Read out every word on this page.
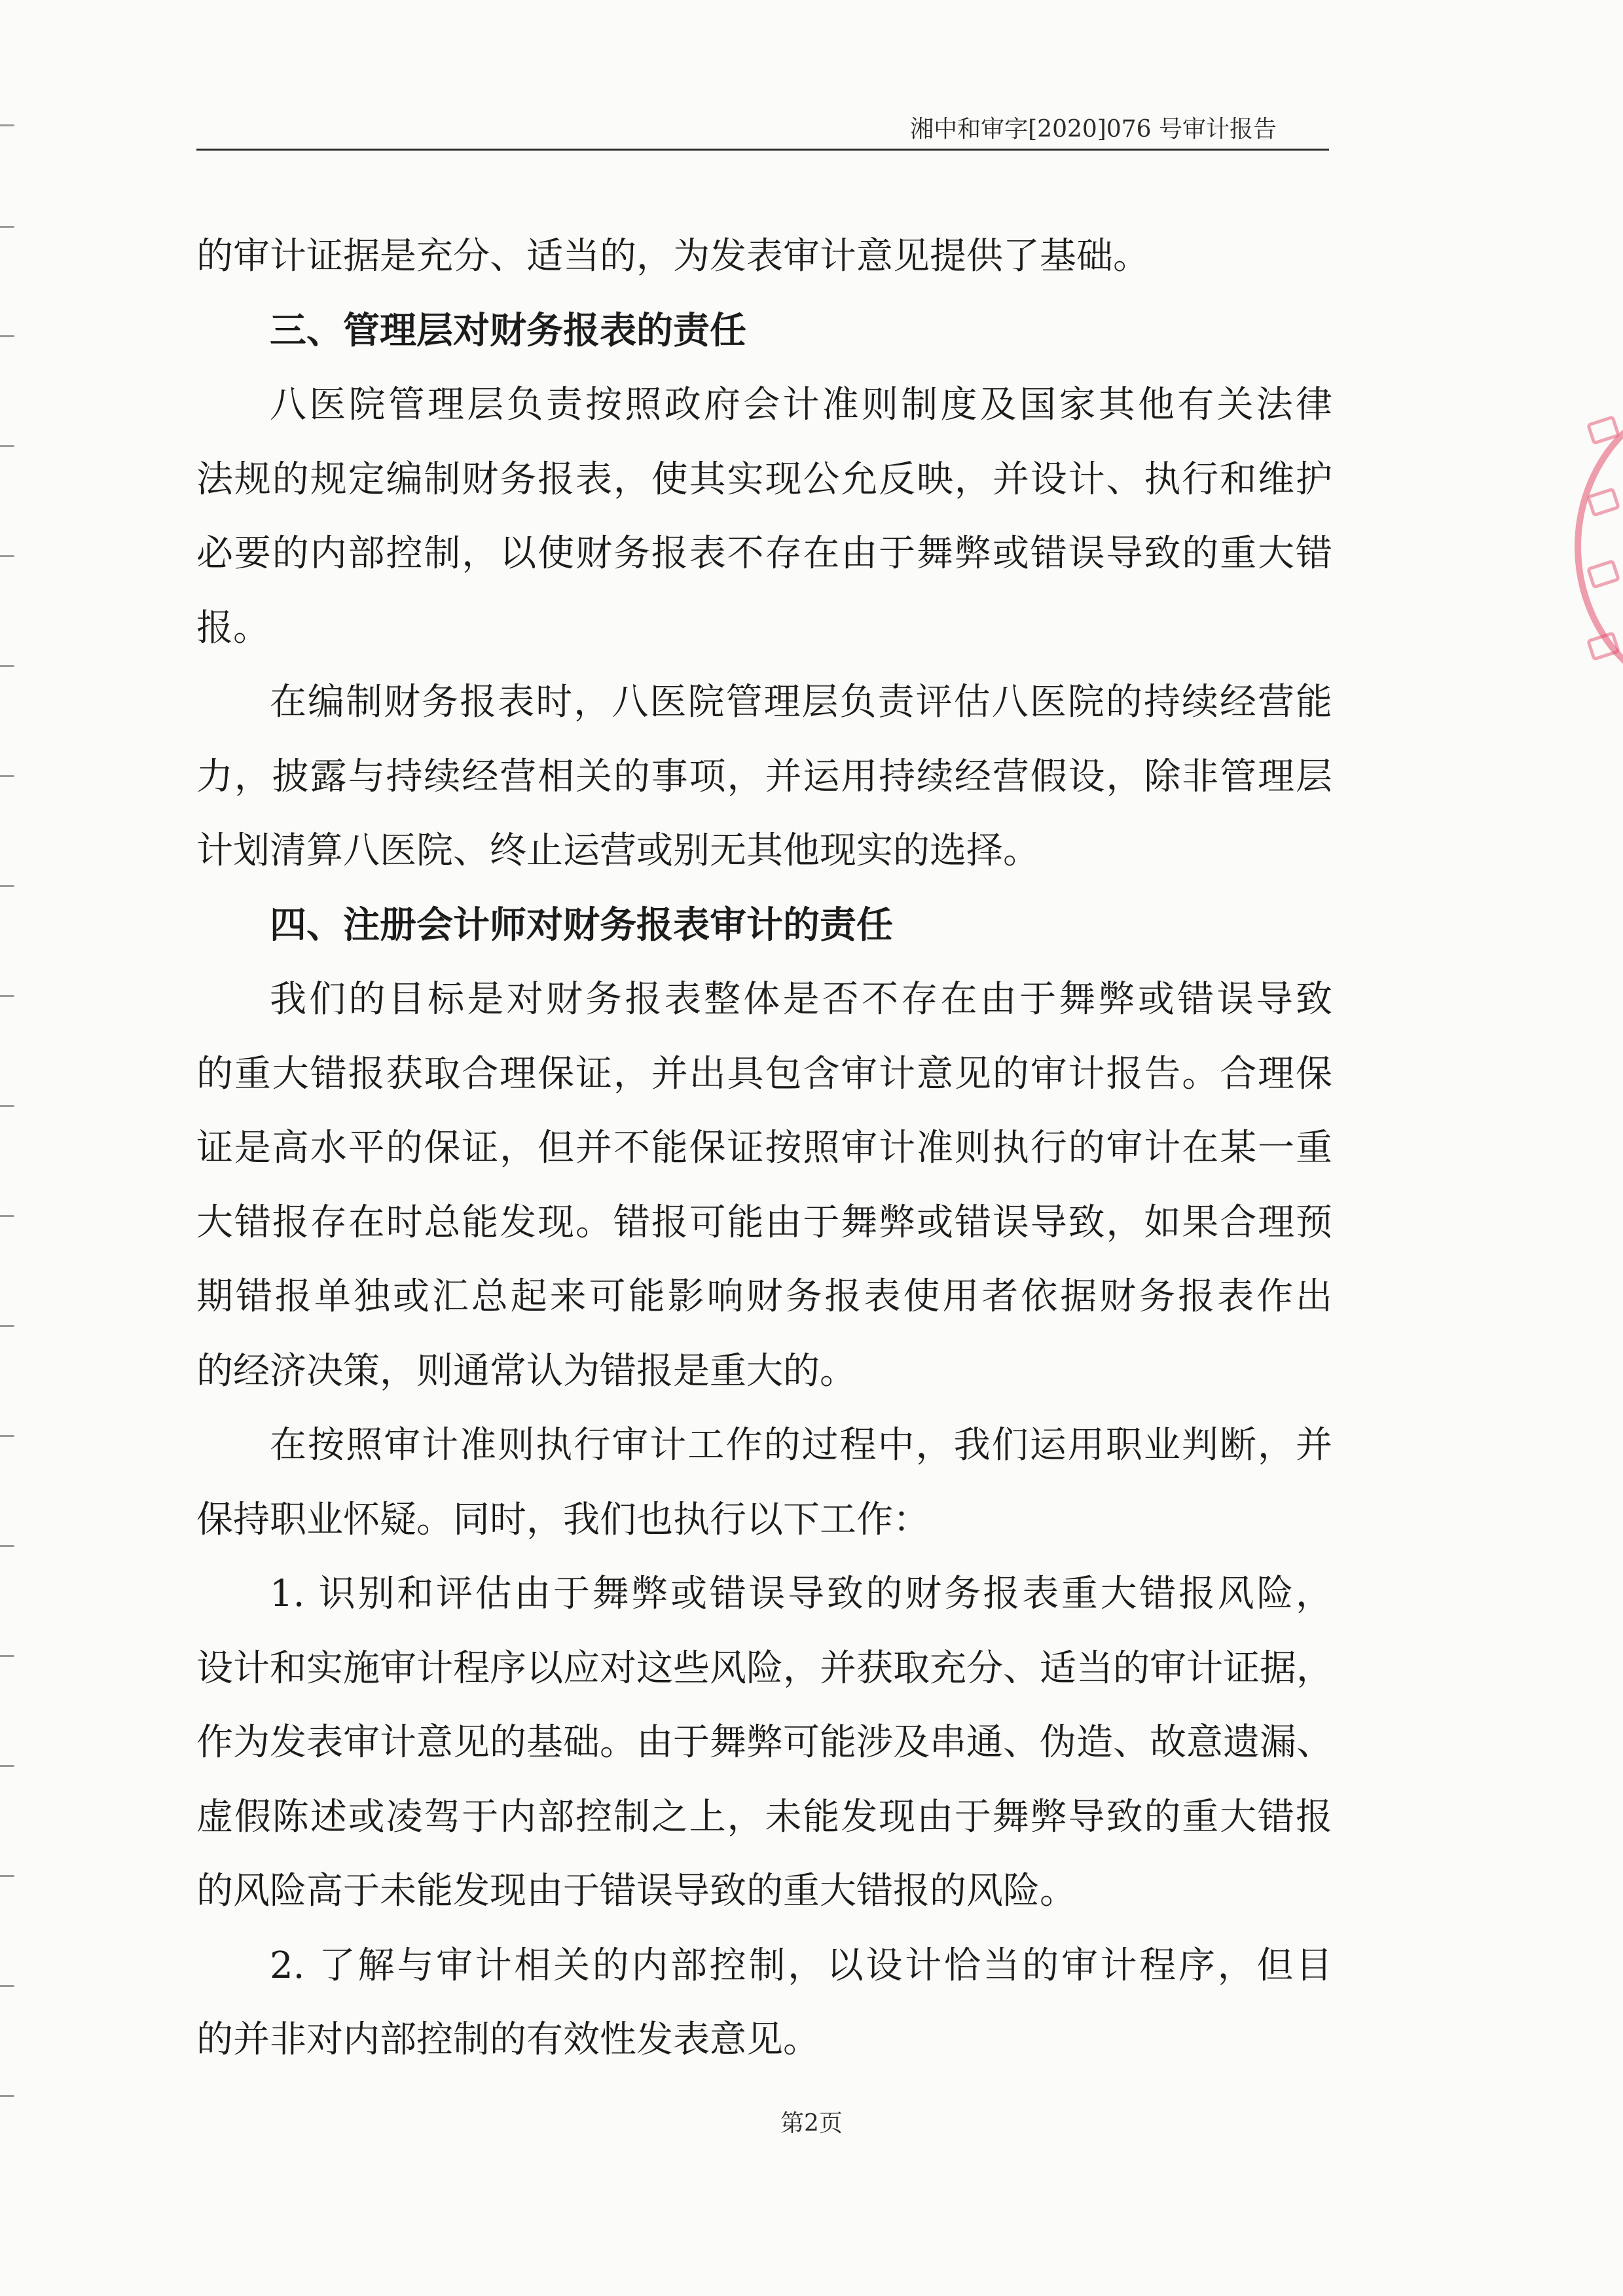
湘中和审字[2020]076 号审计报告
的审计证据是充分、适当的，为发表审计意见提供了基础。
三、管理层对财务报表的责任
八医院管理层负责按照政府会计准则制度及国家其他有关法律
法规的规定编制财务报表，使其实现公允反映，并设计、执行和维护
必要的内部控制，以使财务报表不存在由于舞弊或错误导致的重大错
报。
在编制财务报表时，八医院管理层负责评估八医院的持续经营能
力，披露与持续经营相关的事项，并运用持续经营假设，除非管理层
计划清算八医院、终止运营或别无其他现实的选择。
四、注册会计师对财务报表审计的责任
我们的目标是对财务报表整体是否不存在由于舞弊或错误导致
的重大错报获取合理保证，并出具包含审计意见的审计报告。合理保
证是高水平的保证，但并不能保证按照审计准则执行的审计在某一重
大错报存在时总能发现。错报可能由于舞弊或错误导致，如果合理预
期错报单独或汇总起来可能影响财务报表使用者依据财务报表作出
的经济决策，则通常认为错报是重大的。
在按照审计准则执行审计工作的过程中，我们运用职业判断，并
保持职业怀疑。同时，我们也执行以下工作：
1. 识别和评估由于舞弊或错误导致的财务报表重大错报风险，
设计和实施审计程序以应对这些风险，并获取充分、适当的审计证据，
作为发表审计意见的基础。由于舞弊可能涉及串通、伪造、故意遗漏、
虚假陈述或凌驾于内部控制之上，未能发现由于舞弊导致的重大错报
的风险高于未能发现由于错误导致的重大错报的风险。
2. 了解与审计相关的内部控制，以设计恰当的审计程序，但目
的并非对内部控制的有效性发表意见。
第2页
